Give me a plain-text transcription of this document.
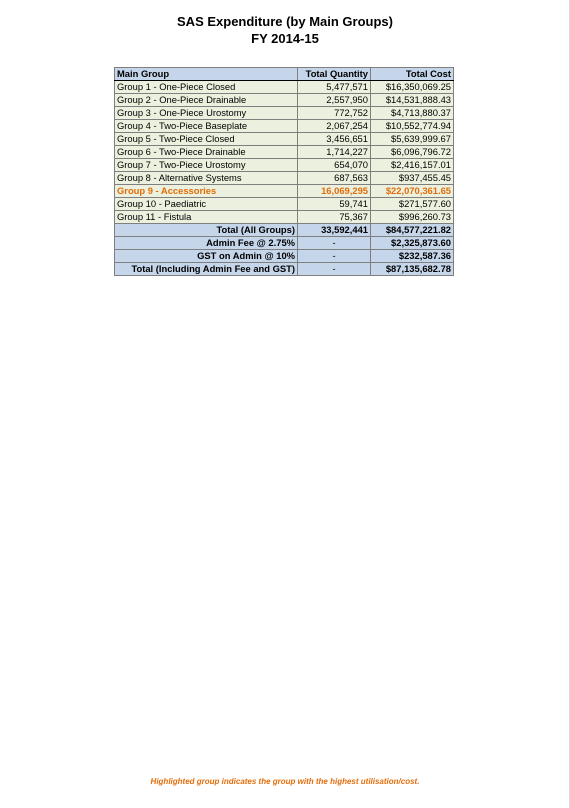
SAS Expenditure (by Main Groups)
FY 2014-15
Main Group	Total Quantity	Total Cost
Group 1 - One-Piece Closed	5,477,571	$16,350,069.25
Group 2 - One-Piece Drainable	2,557,950	$14,531,888.43
Group 3 - One-Piece Urostomy	772,752	$4,713,880.37
Group 4 - Two-Piece Baseplate	2,067,254	$10,552,774.94
Group 5 - Two-Piece Closed	3,456,651	$5,639,999.67
Group 6 - Two-Piece Drainable	1,714,227	$6,096,796.72
Group 7 - Two-Piece Urostomy	654,070	$2,416,157.01
Group 8 - Alternative Systems	687,563	$937,455.45
Group 9 - Accessories	16,069,295	$22,070,361.65
Group 10 - Paediatric	59,741	$271,577.60
Group 11 - Fistula	75,367	$996,260.73
Total (All Groups)	33,592,441	$84,577,221.82
Admin Fee @ 2.75%	-	$2,325,873.60
GST on Admin @ 10%	-	$232,587.36
Total (Including Admin Fee and GST)	-	$87,135,682.78
Highlighted group indicates the group with the highest utilisation/cost.
